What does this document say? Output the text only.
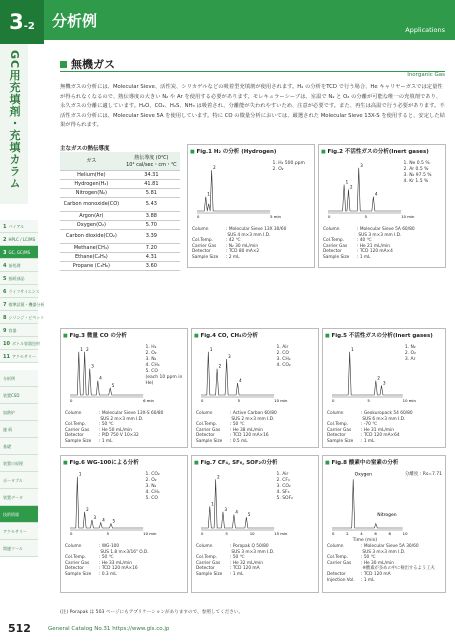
3-2	分析例	Applications
GC用充填剤・充填カラム
1 バイアル
2 HPLC / LC/MS
3 GC, GC/MS
4 前処理
5 接続部品
6 ライフサイエンス
7 標準試薬・機器分析
8 シリンジ・ピペット
9 容器
10 ボトル容器包材
11 アクセサリー
分析例
装置CSD
加熱炉
連 続
基礎
装置の原理
ポータブル
装置データ
技術情報
アクセサリー
関連ツール
無機ガス
Inorganic Gas
無機ガスの分析には、Molecular Sieve、活性炭、シリカゲルなどの吸着型充填剤が使用されます。H₂ の分析をTCD で行う場合、He キャリヤーガスでは定量性が得られなくなるので、熱伝導度の大きい N₂ や Ar を使用する必要があります。モレキュラーシーブは、室温で N₂ と O₂ の分離が可能な唯一の充填剤であり、永久ガスの分離に適しています。H₂O、CO₂、H₂S、NH₃ は吸着され、分離能が失われやすいため、注意が必要です。また、再生は高温で行う必要があります。不活性ガスの分析には、Molecular Sieve 5A を使用しています。特に CO の微量分析においては、厳選された Molecular Sieve 13X-S を使用すると、安定した結果が得られます。
主なガスの熱伝導度
ガス	熱伝導度 (0℃)
10⁴ cal/sec・cm・℃
Helium(He)	34.31
Hydrogen(H₂)	41.81
Nitrogen(N₂)	5.81
Carbon monoxide(CO)	5.43
Argon(Ar)	3.88
Oxygen(O₂)	5.70
Carbon dioxide(CO₂)	3.39
Methane(CH₄)	7.20
Ethane(C₂H₆)	4.31
Propane (C₃H₈)	3.60
■ Fig.1 H₂ の分析 (Hydrogen)
1
2
0	5 min
1. H₂ 500 ppm
2. O₂
Column	: Molecular Sieve 13X 30/60
SUS 4 m×3 mm I.D.
Col.Temp.	: 42 ℃
Carrier Gas : N₂ 30 mL/min
Detector	: TCD 80 mA×2
Sample Size : 2 mL
■ Fig.2 不活性ガスの分析(Inert gases)
1
2
3
4
0	5	10 min
1. Ne 0.5 %
2. Ar 0.5 %
3. N₂ 97.5 %
4. Kr 1.5 %
Column	: Molecular Sieve 5A 60/80
SUS 3 m×3 mm I.D.
Col.Temp.	: 40 ℃
Carrier Gas : He 21 mL/min
Detector	: TCD 120 mA×4
Sample Size : 1 mL
■ Fig.3 微量 CO の分析
1 2
3
4
5
0	6 min
1. H₂
2. O₂
3. N₂
4. CH₄
5. CO
(each 10 ppm in He)
Column	: Molecular Sieve 13X-S 60/80
SUS 2 m×3 mm I.D.
Col.Temp.	: 50 ℃
Carrier Gas : He 50 mL/min
Detector	: PID 750 V 10×32
Sample Size : 1 mL
■ Fig.4 CO, CH₄の分析
1
2
3
4
0	5	10 min
1. Air
2. CO
3. CH₄
4. CO₂
Column	: Active Carbon 60/80
SUS 2 m×3 mm I.D.
Col.Temp.	: 50 ℃
Carrier Gas : He 38 mL/min
Detector	: TCD 120 mA×16
Sample Size : 0.5 mL
■ Fig.5 不活性ガスの分析(Inert gases)
1
2
3
0	5	10 min
1. N₂
2. O₂
3. Ar
Column	: Geokuropack 54 60/80
SUS 6 m×3 mm I.D.
Col.Temp.	: -70 ℃
Carrier Gas : He 31 mL/min
Detector	: TCD 120 mA×64
Sample Size : 1 mL
■ Fig.6 WG-100による分析
1
2
3
4 5
0	5	10 min
1. CO₂
2. O₂
3. N₂
4. CH₄
5. CO
Column	: WG-100
SUS 1.8 m×3/16" O.D.
Col.Temp.	: 50 ℃
Carrier Gas : He 33 mL/min
Detector	: TCD 120 mA×16
Sample Size : 0.3 mL
■ Fig.7 CF₄, SF₆, SOF₂の分析
1
2
3
4
5
0	5	10	15 min
1. Air
2. CF₄
3. CO₂
4. SF₆
5. SOF₂
Column	: Porapak Q 50/80
SUS 3 m×3 mm I.D.
Col.Temp.	: 50 ℃
Carrier Gas : He 32 mL/min
Detector	: TCD 120 mA
Sample Size : 1 mL
■ Fig.8 酸素中の窒素の分析
0	2	4	6	8	10
Oxygen
Nitrogen
Time (min)
分離度 : Rs=7.71
Column	: Molecular Sieve 5A 30/60
SUS 3 m×3 mm I.D.
Col.Temp.	: 50 ℃
Carrier Gas : He 30 mL/min
※酸素が多めの中に検出するよう工夫
Detector	: TCD 120 mA
Injection Vol. : 1 mL
(注) Porapak は 503 ページにもアプリケーションがありますので、参照してください。
512	General Catalog No.31 https://www.gls.co.jp
